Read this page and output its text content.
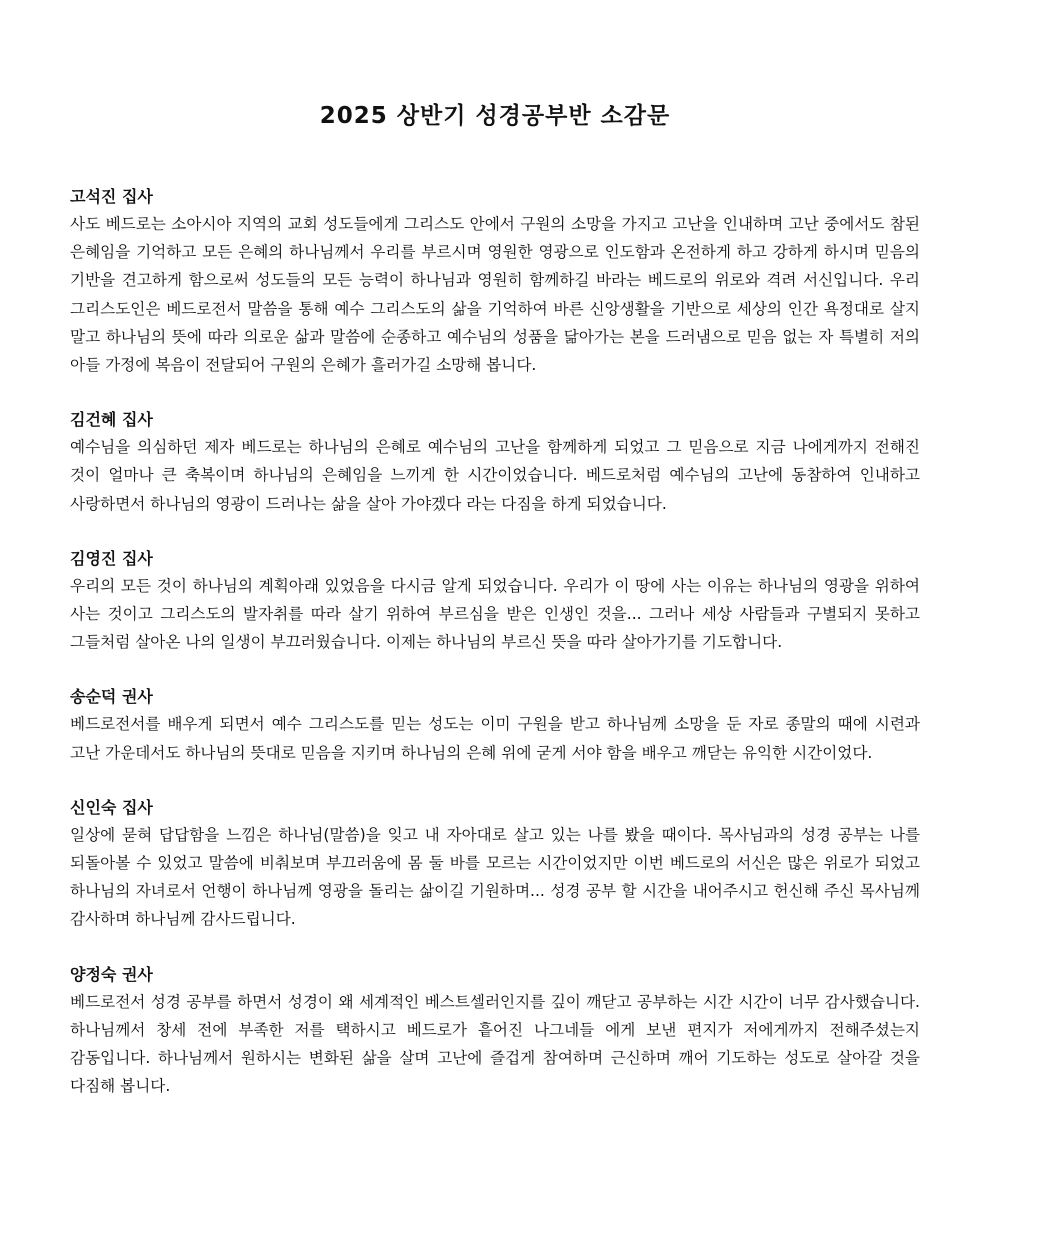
2025 상반기 성경공부반 소감문

고석진 집사

사도 베드로는 소아시아 지역의 교회 성도들에게 그리스도 안에서 구원의 소망을 가지고 고난을 인내하며 고난 중에서도 참된 은혜임을 기억하고 모든 은혜의 하나님께서 우리를 부르시며 영원한 영광으로 인도함과 온전하게 하고 강하게 하시며 믿음의 기반을 견고하게 함으로써 성도들의 모든 능력이 하나님과 영원히 함께하길 바라는 베드로의 위로와 격려 서신입니다. 우리 그리스도인은 베드로전서 말씀을 통해 예수 그리스도의 삶을 기억하여 바른 신앙생활을 기반으로 세상의 인간 욕정대로 살지 말고 하나님의 뜻에 따라 의로운 삶과 말씀에 순종하고 예수님의 성품을 닮아가는 본을 드러냄으로 믿음 없는 자 특별히 저의 아들 가정에 복음이 전달되어 구원의 은혜가 흘러가길 소망해 봅니다.

김건혜 집사

예수님을 의심하던 제자 베드로는 하나님의 은혜로 예수님의 고난을 함께하게 되었고 그 믿음으로 지금 나에게까지 전해진 것이 얼마나 큰 축복이며 하나님의 은혜임을 느끼게 한 시간이었습니다. 베드로처럼 예수님의 고난에 동참하여 인내하고 사랑하면서 하나님의 영광이 드러나는 삶을 살아 가야겠다 라는 다짐을 하게 되었습니다.

김영진 집사

우리의 모든 것이 하나님의 계획아래 있었음을 다시금 알게 되었습니다. 우리가 이 땅에 사는 이유는 하나님의 영광을 위하여 사는 것이고 그리스도의 발자취를 따라 살기 위하여 부르심을 받은 인생인 것을... 그러나 세상 사람들과 구별되지 못하고 그들처럼 살아온 나의 일생이 부끄러웠습니다. 이제는 하나님의 부르신 뜻을 따라 살아가기를 기도합니다.

송순덕 권사

베드로전서를 배우게 되면서 예수 그리스도를 믿는 성도는 이미 구원을 받고 하나님께 소망을 둔 자로 종말의 때에 시련과 고난 가운데서도 하나님의 뜻대로 믿음을 지키며 하나님의 은혜 위에 굳게 서야 함을 배우고 깨닫는 유익한 시간이었다.

신인숙 집사

일상에 묻혀 답답함을 느낌은 하나님(말씀)을 잊고 내 자아대로 살고 있는 나를 봤을 때이다. 목사님과의 성경 공부는 나를 되돌아볼 수 있었고 말씀에 비춰보며 부끄러움에 몸 둘 바를 모르는 시간이었지만 이번 베드로의 서신은 많은 위로가 되었고 하나님의 자녀로서 언행이 하나님께 영광을 돌리는 삶이길 기원하며... 성경 공부 할 시간을 내어주시고 헌신해 주신 목사님께 감사하며 하나님께 감사드립니다.

양정숙 권사

베드로전서 성경 공부를 하면서 성경이 왜 세계적인 베스트셀러인지를 깊이 깨닫고 공부하는 시간 시간이 너무 감사했습니다. 하나님께서 창세 전에 부족한 저를 택하시고 베드로가 흩어진 나그네들 에게 보낸 편지가 저에게까지 전해주셨는지 감동입니다. 하나님께서 원하시는 변화된 삶을 살며 고난에 즐겁게 참여하며 근신하며 깨어 기도하는 성도로 살아갈 것을 다짐해 봅니다.
